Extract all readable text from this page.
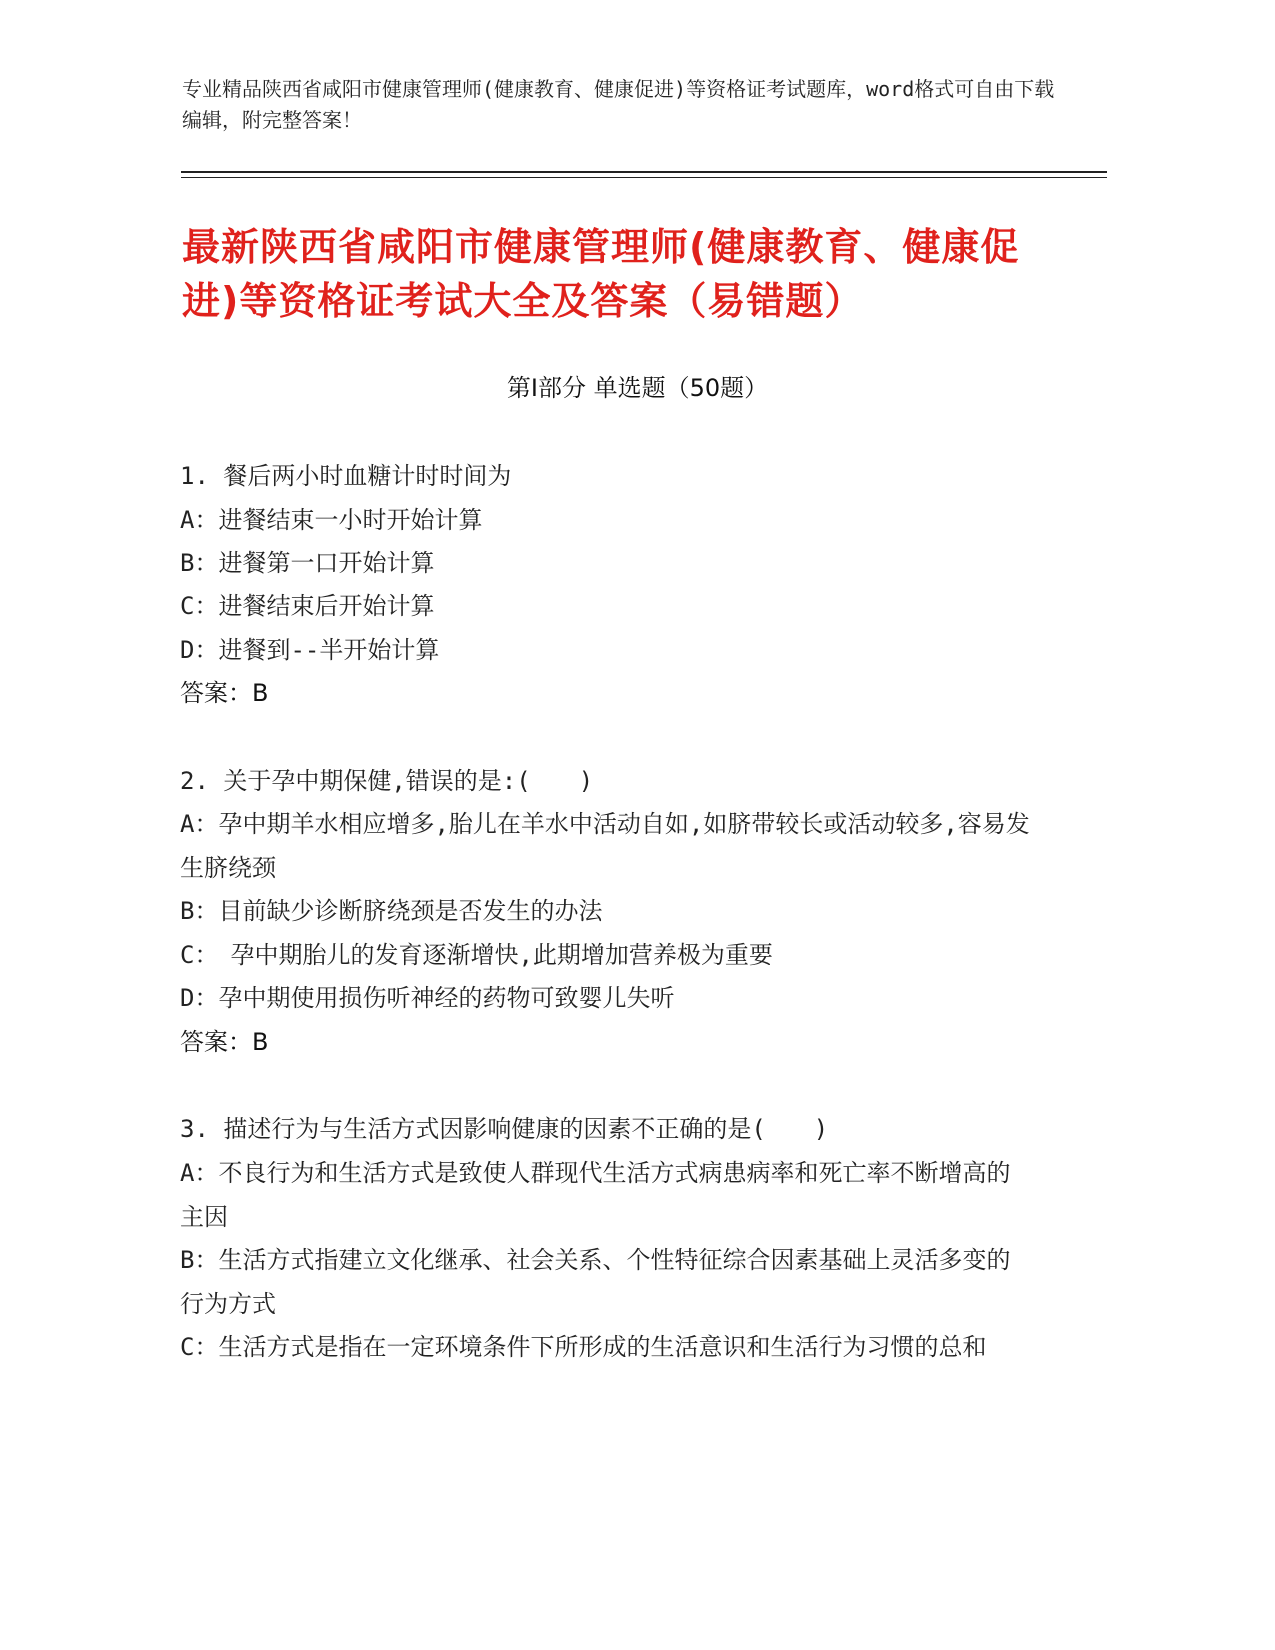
专业精品陕西省咸阳市健康管理师(健康教育、健康促进)等资格证考试题库，word格式可自由下载编辑，附完整答案！
最新陕西省咸阳市健康管理师(健康教育、健康促进)等资格证考试大全及答案（易错题）
第Ⅰ部分 单选题（50题）
1. 餐后两小时血糖计时时间为
A：进餐结束一小时开始计算
B：进餐第一口开始计算
C：进餐结束后开始计算
D：进餐到--半开始计算
答案：B
2. 关于孕中期保健,错误的是:(　　)
A：孕中期羊水相应增多,胎儿在羊水中活动自如,如脐带较长或活动较多,容易发生脐绕颈
B：目前缺少诊断脐绕颈是否发生的办法
C：　孕中期胎儿的发育逐渐增快,此期增加营养极为重要
D：孕中期使用损伤听神经的药物可致婴儿失听
答案：B
3. 描述行为与生活方式因影响健康的因素不正确的是(　　)
A：不良行为和生活方式是致使人群现代生活方式病患病率和死亡率不断增高的主因
B：生活方式指建立文化继承、社会关系、个性特征综合因素基础上灵活多变的行为方式
C：生活方式是指在一定环境条件下所形成的生活意识和生活行为习惯的总和
